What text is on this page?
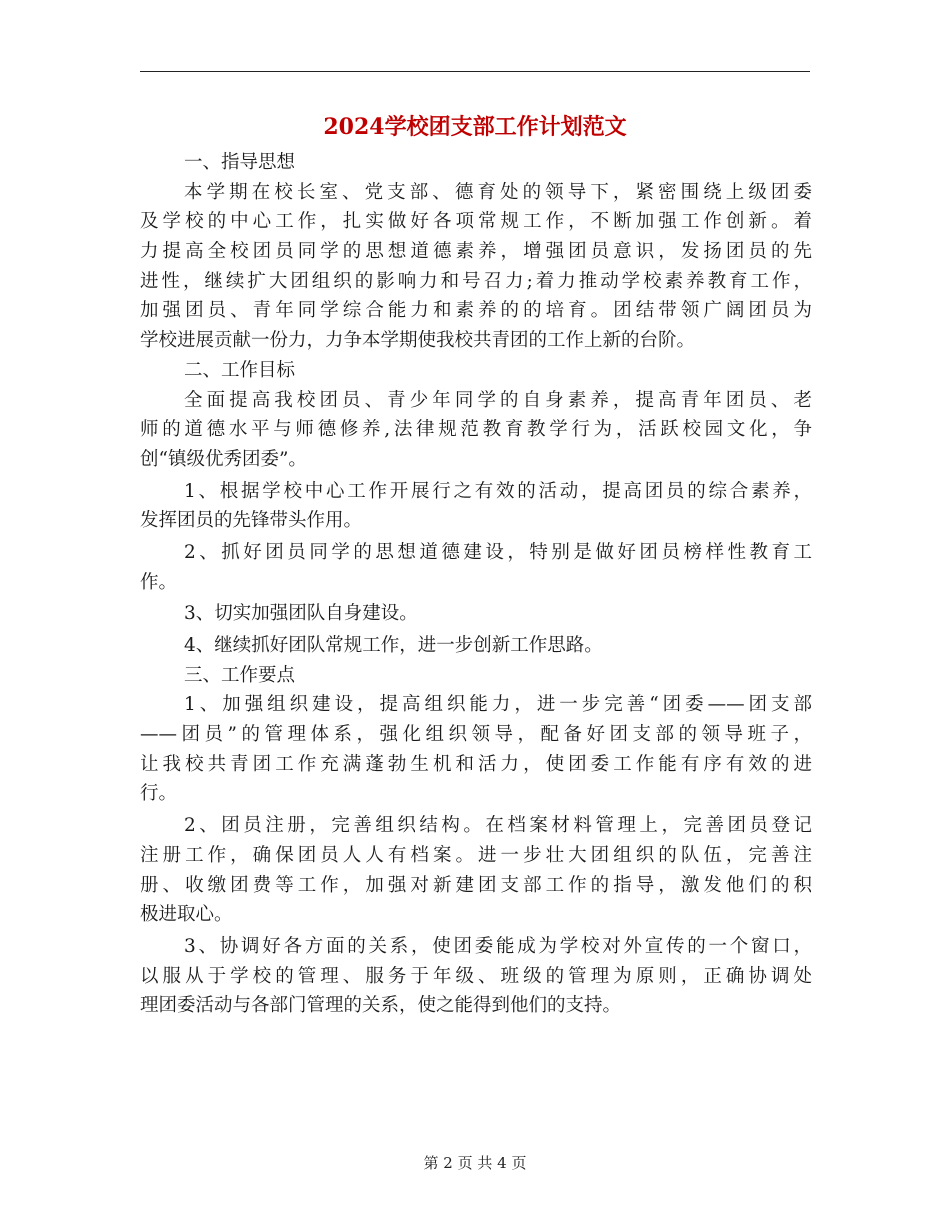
2024学校团支部工作计划范文
一、指导思想
本学期在校长室、党支部、德育处的领导下，紧密围绕上级团委
及学校的中心工作，扎实做好各项常规工作，不断加强工作创新。着
力提高全校团员同学的思想道德素养，增强团员意识，发扬团员的先
进性，继续扩大团组织的影响力和号召力;着力推动学校素养教育工作，
加强团员、青年同学综合能力和素养的的培育。团结带领广阔团员为
学校进展贡献一份力，力争本学期使我校共青团的工作上新的台阶。
二、工作目标
全面提高我校团员、青少年同学的自身素养，提高青年团员、老
师的道德水平与师德修养,法律规范教育教学行为，活跃校园文化，争
创“镇级优秀团委”。
1、根据学校中心工作开展行之有效的活动，提高团员的综合素养，
发挥团员的先锋带头作用。
2、抓好团员同学的思想道德建设，特别是做好团员榜样性教育工
作。
3、切实加强团队自身建设。
4、继续抓好团队常规工作，进一步创新工作思路。
三、工作要点
1、加强组织建设，提高组织能力，进一步完善“团委——团支部
——团员”的管理体系，强化组织领导，配备好团支部的领导班子，
让我校共青团工作充满蓬勃生机和活力，使团委工作能有序有效的进
行。
2、团员注册，完善组织结构。在档案材料管理上，完善团员登记
注册工作，确保团员人人有档案。进一步壮大团组织的队伍，完善注
册、收缴团费等工作，加强对新建团支部工作的指导，激发他们的积
极进取心。
3、协调好各方面的关系，使团委能成为学校对外宣传的一个窗口，
以服从于学校的管理、服务于年级、班级的管理为原则，正确协调处
理团委活动与各部门管理的关系，使之能得到他们的支持。
第 2 页 共 4 页
